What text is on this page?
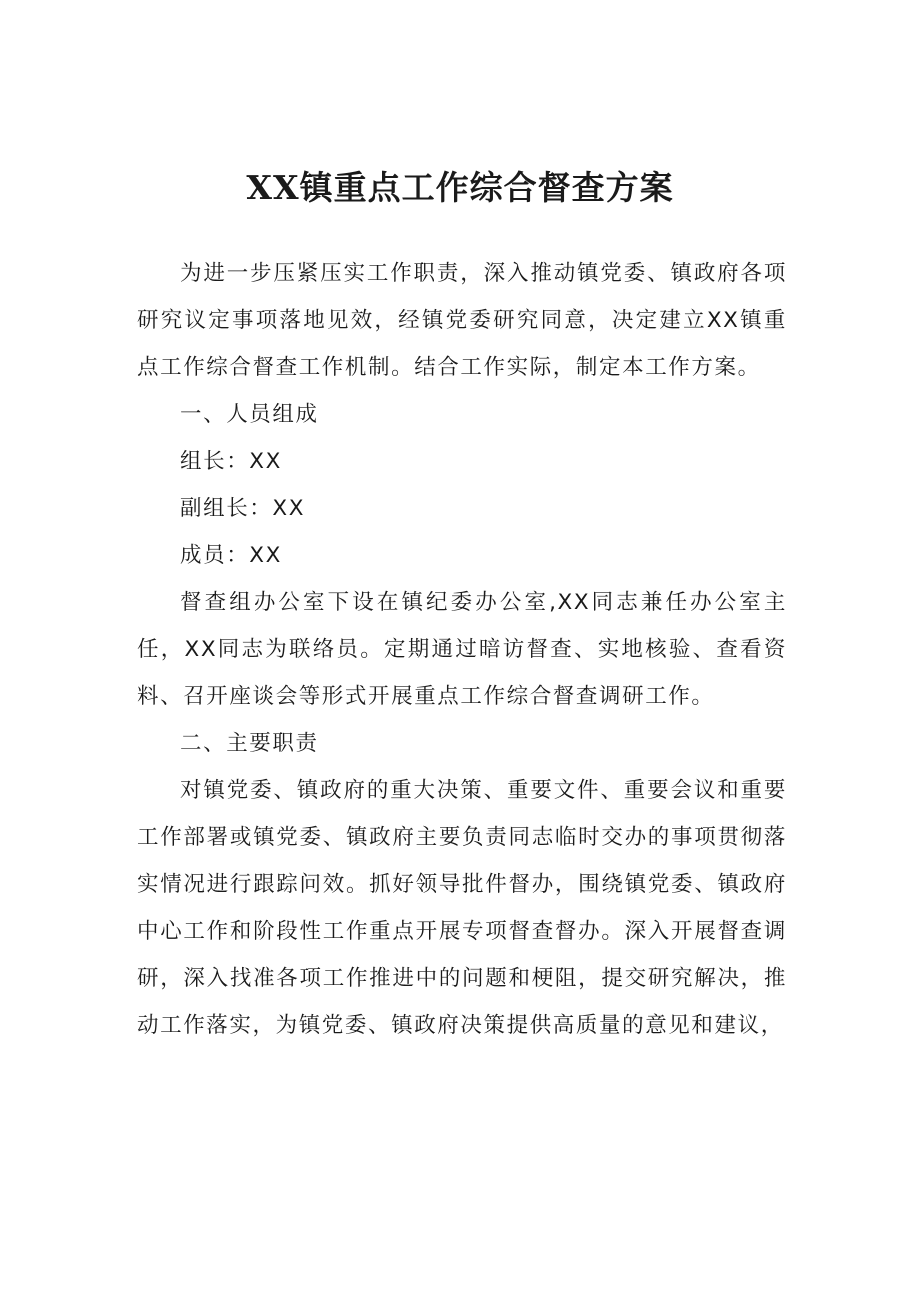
XX镇重点工作综合督查方案

为进一步压紧压实工作职责，深入推动镇党委、镇政府各项研究议定事项落地见效，经镇党委研究同意，决定建立XX镇重点工作综合督查工作机制。结合工作实际，制定本工作方案。

一、人员组成

组长：XX

副组长：XX

成员：XX

督查组办公室下设在镇纪委办公室,XX同志兼任办公室主任，XX同志为联络员。定期通过暗访督查、实地核验、查看资料、召开座谈会等形式开展重点工作综合督查调研工作。

二、主要职责

对镇党委、镇政府的重大决策、重要文件、重要会议和重要工作部署或镇党委、镇政府主要负责同志临时交办的事项贯彻落实情况进行跟踪问效。抓好领导批件督办，围绕镇党委、镇政府中心工作和阶段性工作重点开展专项督查督办。深入开展督查调研，深入找准各项工作推进中的问题和梗阻，提交研究解决，推动工作落实，为镇党委、镇政府决策提供高质量的意见和建议，
